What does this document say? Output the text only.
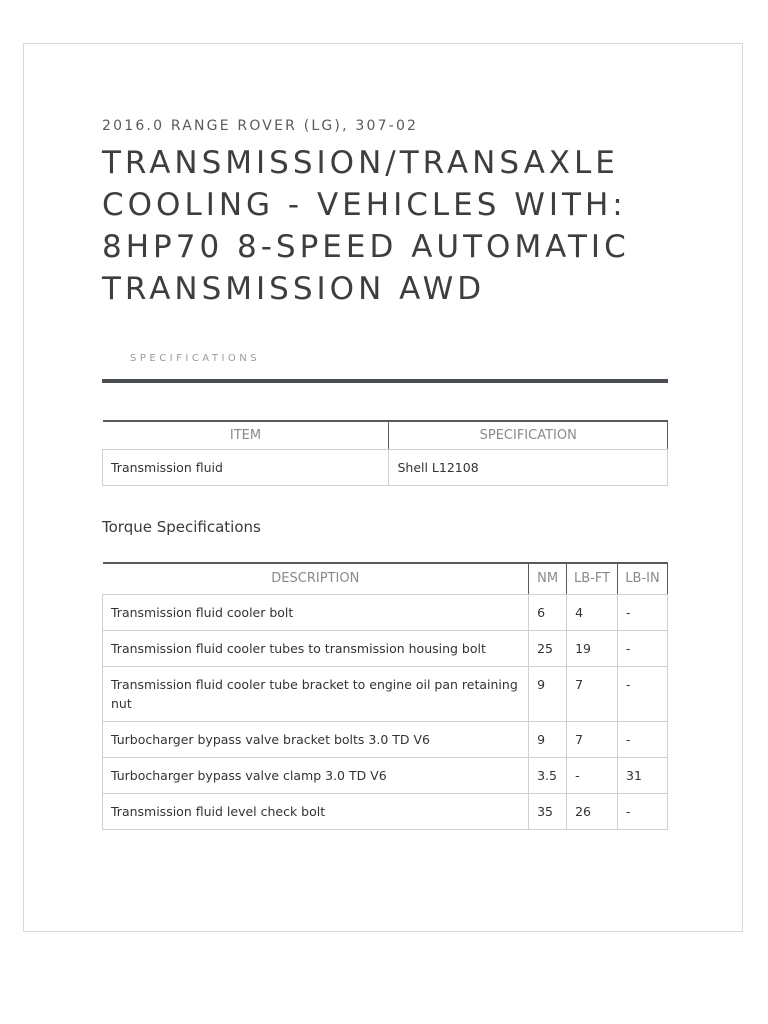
2016.0 RANGE ROVER (LG), 307-02
TRANSMISSION/TRANSAXLE COOLING - VEHICLES WITH: 8HP70 8-SPEED AUTOMATIC TRANSMISSION AWD
SPECIFICATIONS
ITEM	SPECIFICATION
Transmission fluid	Shell L12108
Torque Specifications
DESCRIPTION	NM	LB-FT	LB-IN
Transmission fluid cooler bolt	6	4	-
Transmission fluid cooler tubes to transmission housing bolt	25	19	-
Transmission fluid cooler tube bracket to engine oil pan retaining nut	9	7	-
Turbocharger bypass valve bracket bolts 3.0 TD V6	9	7	-
Turbocharger bypass valve clamp 3.0 TD V6	3.5	-	31
Transmission fluid level check bolt	35	26	-
